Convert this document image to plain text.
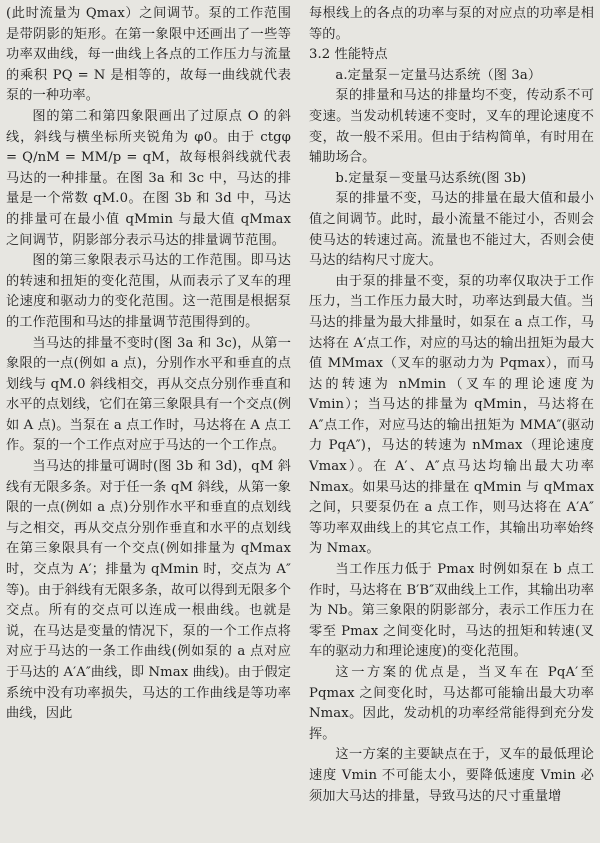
(此时流量为 Qmax）之间调节。泵的工作范围是带阴影的矩形。在第一象限中还画出了一些等功率双曲线，每一曲线上各点的工作压力与流量的乘积 PQ = N 是相等的，故每一曲线就代表泵的一种功率。

图的第二和第四象限画出了过原点 O 的斜线，斜线与横坐标所夹锐角为 φ0。由于 ctgφ = Q/nM = MM/p = qM，故每根斜线就代表马达的一种排量。在图 3a 和 3c 中，马达的排量是一个常数 qM.0。在图 3b 和 3d 中，马达的排量可在最小值 qMmin 与最大值 qMmax 之间调节，阴影部分表示马达的排量调节范围。

图的第三象限表示马达的工作范围。即马达的转速和扭矩的变化范围，从而表示了叉车的理论速度和驱动力的变化范围。这一范围是根据泵的工作范围和马达的排量调节范围得到的。

当马达的排量不变时(图 3a 和 3c)，从第一象限的一点(例如 a 点)，分别作水平和垂直的点划线与 qM.0 斜线相交，再从交点分别作垂直和水平的点划线，它们在第三象限具有一个交点(例如 A 点)。当泵在 a 点工作时，马达将在 A 点工作。泵的一个工作点对应于马达的一个工作点。

当马达的排量可调时(图 3b 和 3d)，qM 斜线有无限多条。对于任一条 qM 斜线，从第一象限的一点(例如 a 点)分别作水平和垂直的点划线与之相交，再从交点分别作垂直和水平的点划线在第三象限具有一个交点(例如排量为 qMmax 时，交点为 A′；排量为 qMmin 时，交点为 A″等)。由于斜线有无限多条，故可以得到无限多个交点。所有的交点可以连成一根曲线。也就是说，在马达是变量的情况下，泵的一个工作点将对应于马达的一条工作曲线(例如泵的 a 点对应于马达的 A′A″曲线，即 Nmax 曲线)。由于假定系统中没有功率损失，马达的工作曲线是等功率曲线，因此

每根线上的各点的功率与泵的对应点的功率是相等的。

3.2 性能特点
a.定量泵－定量马达系统（图 3a）

泵的排量和马达的排量均不变，传动系不可变速。当发动机转速不变时，叉车的理论速度不变，故一般不采用。但由于结构简单，有时用在辅助场合。

b.定量泵－变量马达系统(图 3b)

泵的排量不变，马达的排量在最大值和最小值之间调节。此时，最小流量不能过小，否则会使马达的转速过高。流量也不能过大，否则会使马达的结构尺寸庞大。

由于泵的排量不变，泵的功率仅取决于工作压力，当工作压力最大时，功率达到最大值。当马达的排量为最大排量时，如泵在 a 点工作，马达将在 A′点工作，对应的马达的输出扭矩为最大值 MMmax（叉车的驱动力为 Pqmax），而马达的转速为 nMmin（叉车的理论速度为 Vmin）；当马达的排量为 qMmin，马达将在 A″点工作，对应马达的输出扭矩为 MMA″(驱动力 PqA″)，马达的转速为 nMmax（理论速度 Vmax）。在 A′、A″点马达均输出最大功率 Nmax。如果马达的排量在 qMmin 与 qMmax 之间，只要泵仍在 a 点工作，则马达将在 A′A″等功率双曲线上的其它点工作，其输出功率始终为 Nmax。

当工作压力低于 Pmax 时例如泵在 b 点工作时，马达将在 B′B″双曲线上工作，其输出功率为 Nb。第三象限的阴影部分，表示工作压力在零至 Pmax 之间变化时，马达的扭矩和转速(叉车的驱动力和理论速度)的变化范围。

这一方案的优点是，当叉车在 PqA′至 Pqmax 之间变化时，马达都可能输出最大功率 Nmax。因此，发动机的功率经常能得到充分发挥。

这一方案的主要缺点在于，叉车的最低理论速度 Vmin 不可能太小，要降低速度 Vmin 必须加大马达的排量，导致马达的尺寸重量增
